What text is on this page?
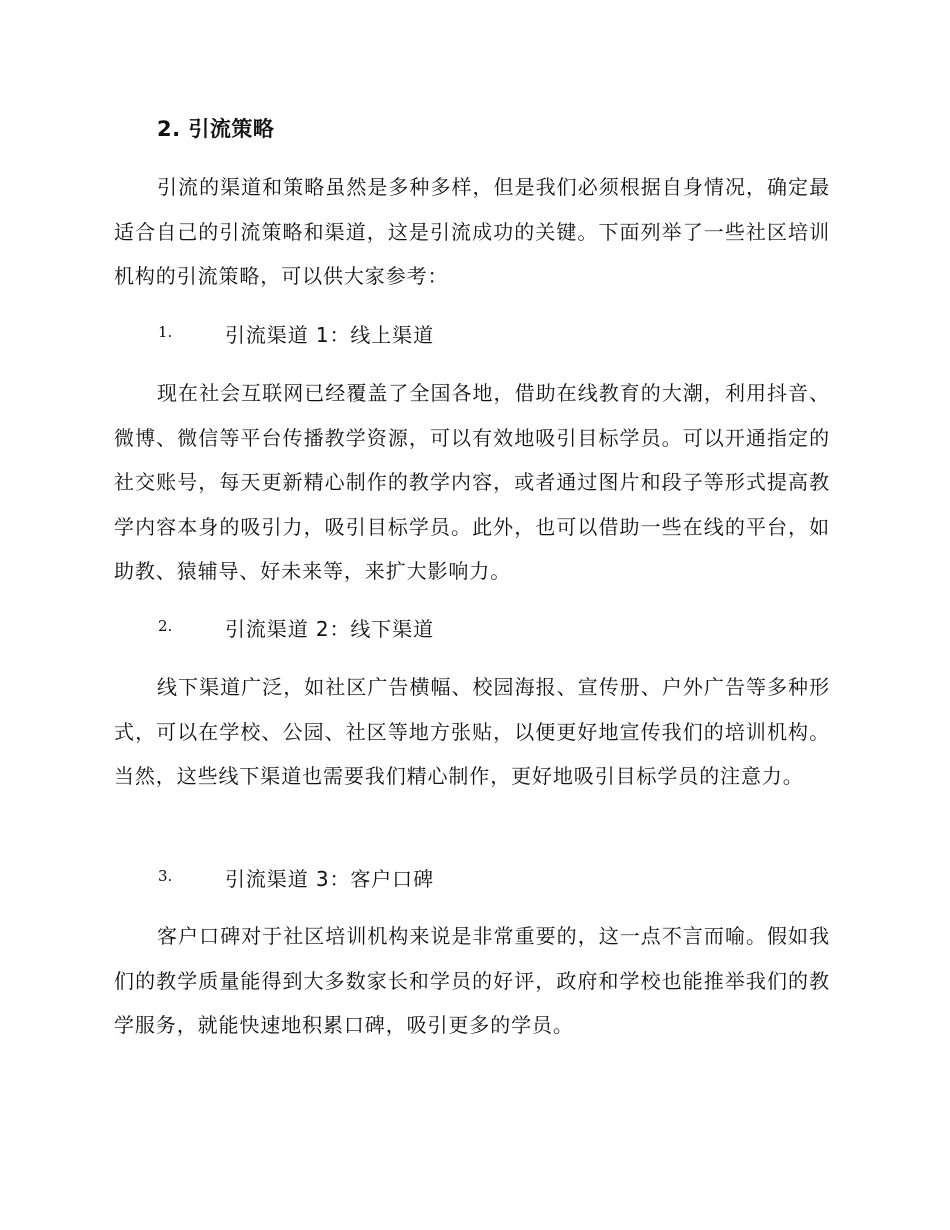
2. 引流策略

引流的渠道和策略虽然是多种多样，但是我们必须根据自身情况，确定最适合自己的引流策略和渠道，这是引流成功的关键。下面列举了一些社区培训机构的引流策略，可以供大家参考：

1.	引流渠道 1：线上渠道

现在社会互联网已经覆盖了全国各地，借助在线教育的大潮，利用抖音、微博、微信等平台传播教学资源，可以有效地吸引目标学员。可以开通指定的社交账号，每天更新精心制作的教学内容，或者通过图片和段子等形式提高教学内容本身的吸引力，吸引目标学员。此外，也可以借助一些在线的平台，如助教、猿辅导、好未来等，来扩大影响力。

2.	引流渠道 2：线下渠道

线下渠道广泛，如社区广告横幅、校园海报、宣传册、户外广告等多种形式，可以在学校、公园、社区等地方张贴，以便更好地宣传我们的培训机构。当然，这些线下渠道也需要我们精心制作，更好地吸引目标学员的注意力。

3.	引流渠道 3：客户口碑

客户口碑对于社区培训机构来说是非常重要的，这一点不言而喻。假如我们的教学质量能得到大多数家长和学员的好评，政府和学校也能推举我们的教学服务，就能快速地积累口碑，吸引更多的学员。
